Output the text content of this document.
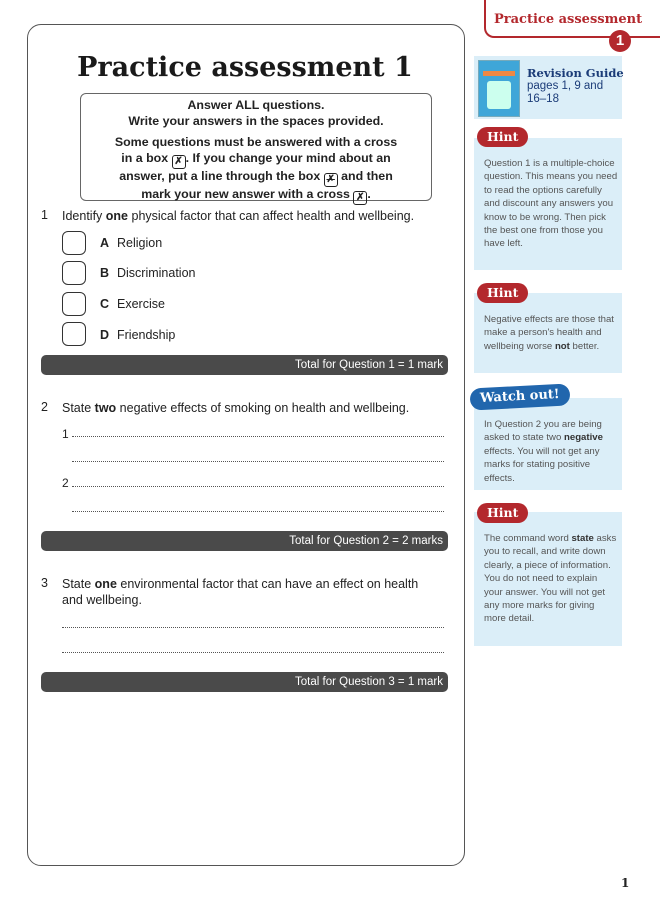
Practice assessment
1
Practice assessment 1

Answer ALL questions.
Write your answers in the spaces provided.

Some questions must be answered with a cross
in a box ✗ . If you change your mind about an
answer, put a line through the box ✗ and then
mark your new answer with a cross ✗ .

1 Identify one physical factor that can affect health and wellbeing.
A Religion
B Discrimination
C Exercise
D Friendship
Total for Question 1 = 1 mark
2 State two negative effects of smoking on health and wellbeing.
1
2
Total for Question 2 = 2 marks
3 State one environmental factor that can have an effect on health and wellbeing.
Total for Question 3 = 1 mark
Revision Guide
pages 1, 9 and 16–18
Hint
Question 1 is a multiple-choice question. This means you need to read the options carefully and discount any answers you know to be wrong. Then pick the best one from those you have left.
Hint
Negative effects are those that make a person's health and wellbeing worse not better.
Watch out!
In Question 2 you are being asked to state two negative effects. You will not get any marks for stating positive effects.
Hint
The command word state asks you to recall, and write down clearly, a piece of information. You do not need to explain your answer. You will not get any more marks for giving more detail.
1
